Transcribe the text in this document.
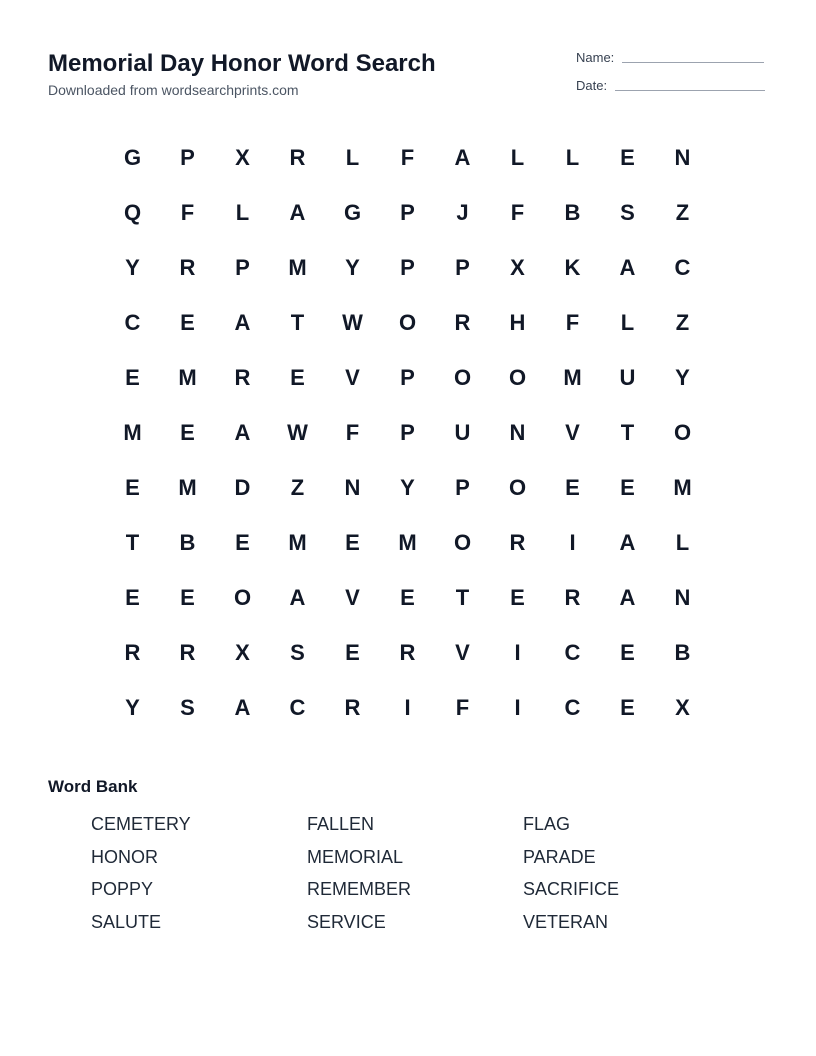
Memorial Day Honor Word Search
Downloaded from wordsearchprints.com
Name:
Date:
G	P	X	R	L	F	A	L	L	E	N
Q	F	L	A	G	P	J	F	B	S	Z
Y	R	P	M	Y	P	P	X	K	A	C
C	E	A	T	W	O	R	H	F	L	Z
E	M	R	E	V	P	O	O	M	U	Y
M	E	A	W	F	P	U	N	V	T	O
E	M	D	Z	N	Y	P	O	E	E	M
T	B	E	M	E	M	O	R	I	A	L
E	E	O	A	V	E	T	E	R	A	N
R	R	X	S	E	R	V	I	C	E	B
Y	S	A	C	R	I	F	I	C	E	X
Word Bank
CEMETERY	FALLEN	FLAG
HONOR	MEMORIAL	PARADE
POPPY	REMEMBER	SACRIFICE
SALUTE	SERVICE	VETERAN
